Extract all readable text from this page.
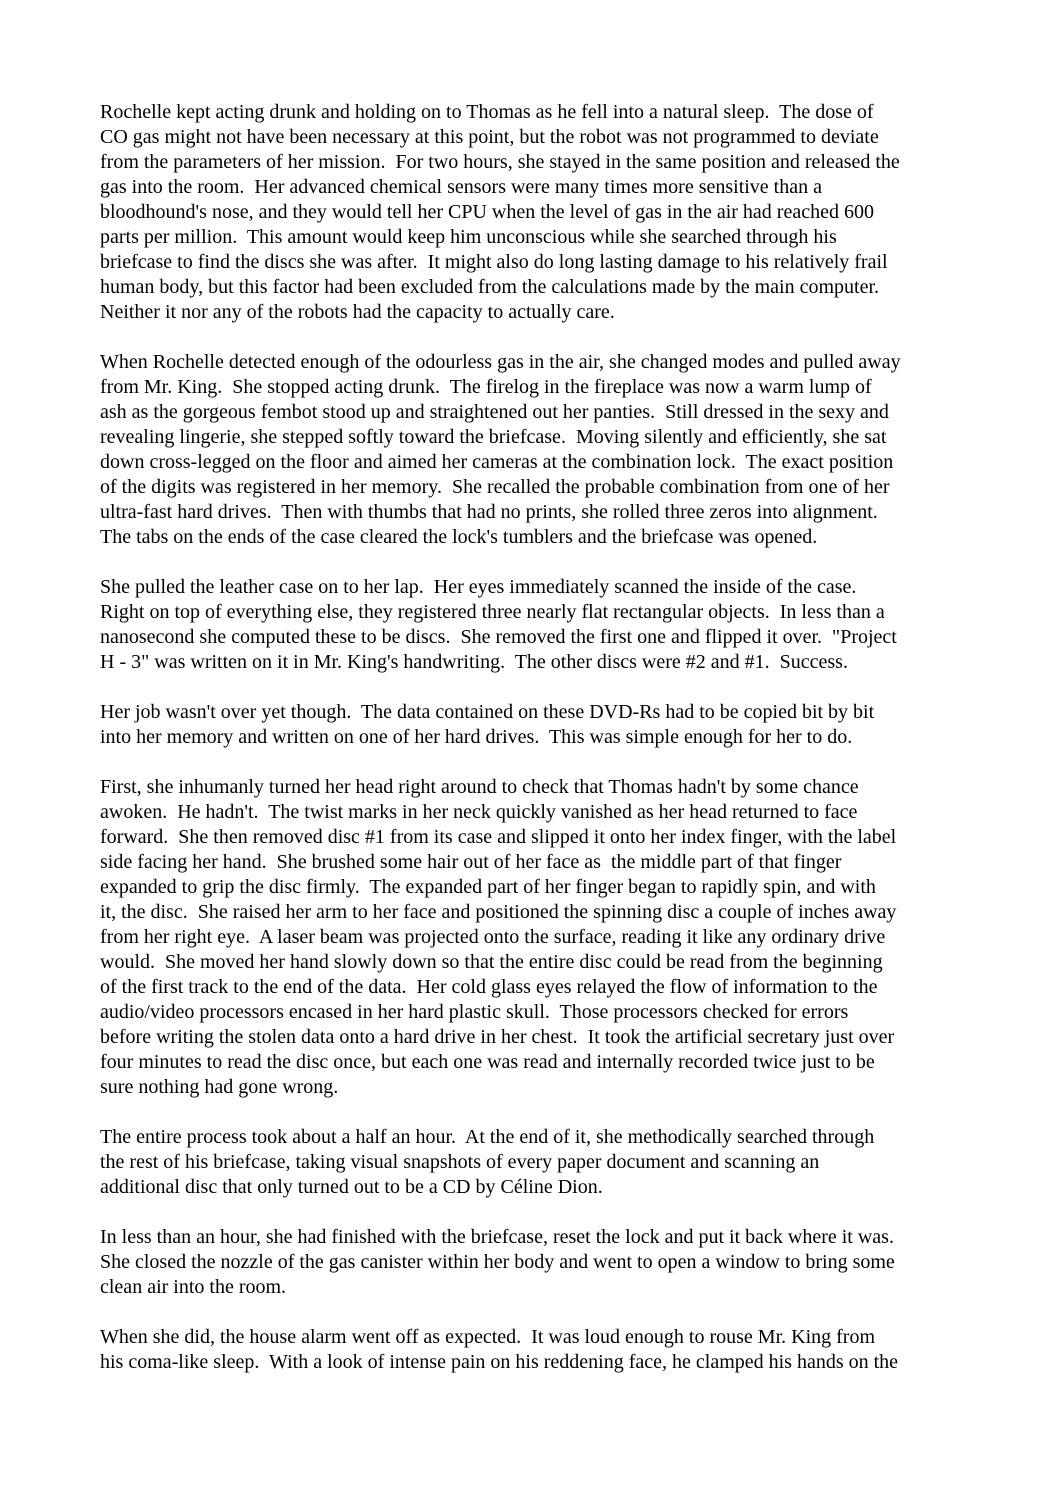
Rochelle kept acting drunk and holding on to Thomas as he fell into a natural sleep.  The dose of
CO gas might not have been necessary at this point, but the robot was not programmed to deviate
from the parameters of her mission.  For two hours, she stayed in the same position and released the
gas into the room.  Her advanced chemical sensors were many times more sensitive than a
bloodhound's nose, and they would tell her CPU when the level of gas in the air had reached 600
parts per million.  This amount would keep him unconscious while she searched through his
briefcase to find the discs she was after.  It might also do long lasting damage to his relatively frail
human body, but this factor had been excluded from the calculations made by the main computer.
Neither it nor any of the robots had the capacity to actually care.
When Rochelle detected enough of the odourless gas in the air, she changed modes and pulled away
from Mr. King.  She stopped acting drunk.  The firelog in the fireplace was now a warm lump of
ash as the gorgeous fembot stood up and straightened out her panties.  Still dressed in the sexy and
revealing lingerie, she stepped softly toward the briefcase.  Moving silently and efficiently, she sat
down cross-legged on the floor and aimed her cameras at the combination lock.  The exact position
of the digits was registered in her memory.  She recalled the probable combination from one of her
ultra-fast hard drives.  Then with thumbs that had no prints, she rolled three zeros into alignment.
The tabs on the ends of the case cleared the lock's tumblers and the briefcase was opened.
She pulled the leather case on to her lap.  Her eyes immediately scanned the inside of the case.
Right on top of everything else, they registered three nearly flat rectangular objects.  In less than a
nanosecond she computed these to be discs.  She removed the first one and flipped it over.  "Project
H - 3" was written on it in Mr. King's handwriting.  The other discs were #2 and #1.  Success.
Her job wasn't over yet though.  The data contained on these DVD-Rs had to be copied bit by bit
into her memory and written on one of her hard drives.  This was simple enough for her to do.
First, she inhumanly turned her head right around to check that Thomas hadn't by some chance
awoken.  He hadn't.  The twist marks in her neck quickly vanished as her head returned to face
forward.  She then removed disc #1 from its case and slipped it onto her index finger, with the label
side facing her hand.  She brushed some hair out of her face as  the middle part of that finger
expanded to grip the disc firmly.  The expanded part of her finger began to rapidly spin, and with
it, the disc.  She raised her arm to her face and positioned the spinning disc a couple of inches away
from her right eye.  A laser beam was projected onto the surface, reading it like any ordinary drive
would.  She moved her hand slowly down so that the entire disc could be read from the beginning
of the first track to the end of the data.  Her cold glass eyes relayed the flow of information to the
audio/video processors encased in her hard plastic skull.  Those processors checked for errors
before writing the stolen data onto a hard drive in her chest.  It took the artificial secretary just over
four minutes to read the disc once, but each one was read and internally recorded twice just to be
sure nothing had gone wrong.
The entire process took about a half an hour.  At the end of it, she methodically searched through
the rest of his briefcase, taking visual snapshots of every paper document and scanning an
additional disc that only turned out to be a CD by Céline Dion.
In less than an hour, she had finished with the briefcase, reset the lock and put it back where it was.
She closed the nozzle of the gas canister within her body and went to open a window to bring some
clean air into the room.
When she did, the house alarm went off as expected.  It was loud enough to rouse Mr. King from
his coma-like sleep.  With a look of intense pain on his reddening face, he clamped his hands on the
